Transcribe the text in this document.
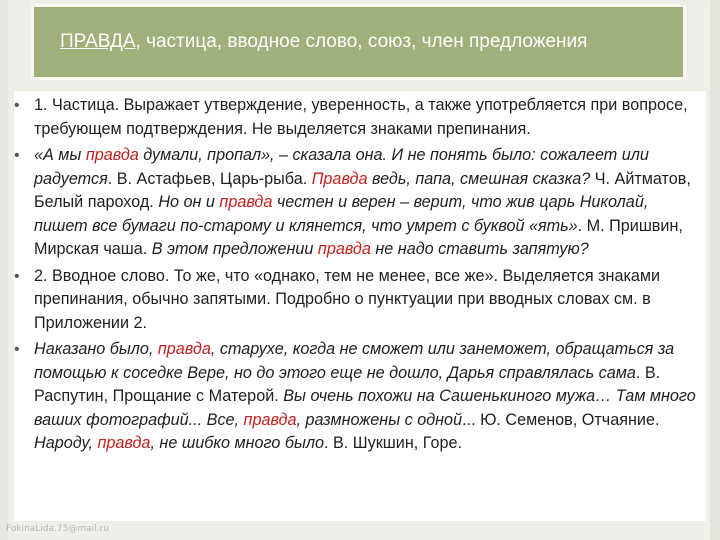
ПРАВДА, частица, вводное слово, союз, член предложения
• 1. Частица. Выражает утверждение, уверенность, а также употребляется при вопросе, требующем подтверждения. Не выделяется знаками препинания.
• «А мы правда думали, пропал», – сказала она. И не понять было: сожалеет или радуется. В. Астафьев, Царь-рыба. Правда ведь, папа, смешная сказка? Ч. Айтматов, Белый пароход. Но он и правда честен и верен – верит, что жив царь Николай, пишет все бумаги по-старому и клянется, что умрет с буквой «ять». М. Пришвин, Мирская чаша. В этом предложении правда не надо ставить запятую?
• 2. Вводное слово. То же, что «однако, тем не менее, все же». Выделяется знаками препинания, обычно запятыми. Подробно о пунктуации при вводных словах см. в Приложении 2.
• Наказано было, правда, старухе, когда не сможет или занеможет, обращаться за помощью к соседке Вере, но до этого еще не дошло, Дарья справлялась сама. В. Распутин, Прощание с Матерой. Вы очень похожи на Сашенькиного мужа… Там много ваших фотографий... Все, правда, размножены с одной... Ю. Семенов, Отчаяние. Народу, правда, не шибко много было. В. Шукшин, Горе.
FokinaLida.75@mail.ru
